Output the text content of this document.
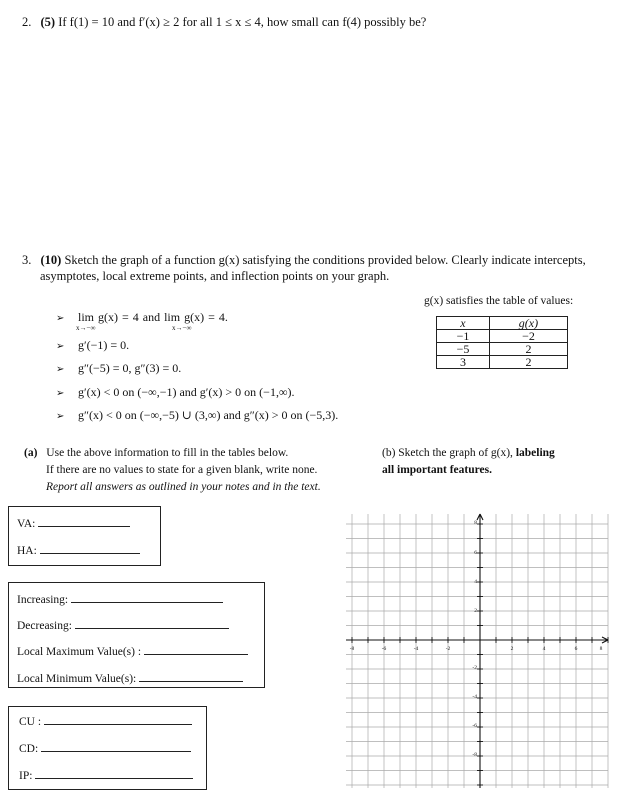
2. (5) If f(1) = 10 and f′(x) ≥ 2 for all 1 ≤ x ≤ 4, how small can f(4) possibly be?
3. (10) Sketch the graph of a function g(x) satisfying the conditions provided below. Clearly indicate intercepts,
asymptotes, local extreme points, and inflection points on your graph.
➢ lim g(x) = 4 and lim g(x) = 4.
x→−∞	x→−∞
➢ g′(−1) = 0.
➢ g″(−5) = 0, g″(3) = 0.
➢ g′(x) < 0 on (−∞,−1) and g′(x) > 0 on (−1,∞).
➢ g″(x) < 0 on (−∞,−5) ∪ (3,∞) and g″(x) > 0 on (−5,3).
g(x) satisfies the table of values:
x	g(x)
−1	−2
−5	2
3	2
(a) Use the above information to fill in the tables below.
If there are no values to state for a given blank, write none.
Report all answers as outlined in your notes and in the text.
(b) Sketch the graph of g(x), labeling
all important features.
VA:
HA:
Increasing:
Decreasing:
Local Maximum Value(s) :
Local Minimum Value(s):
CU :
CD:
IP:
-8	-6	-4	-2	2	4	6	8
8
6
4
2
-2
-4
-6
-8
